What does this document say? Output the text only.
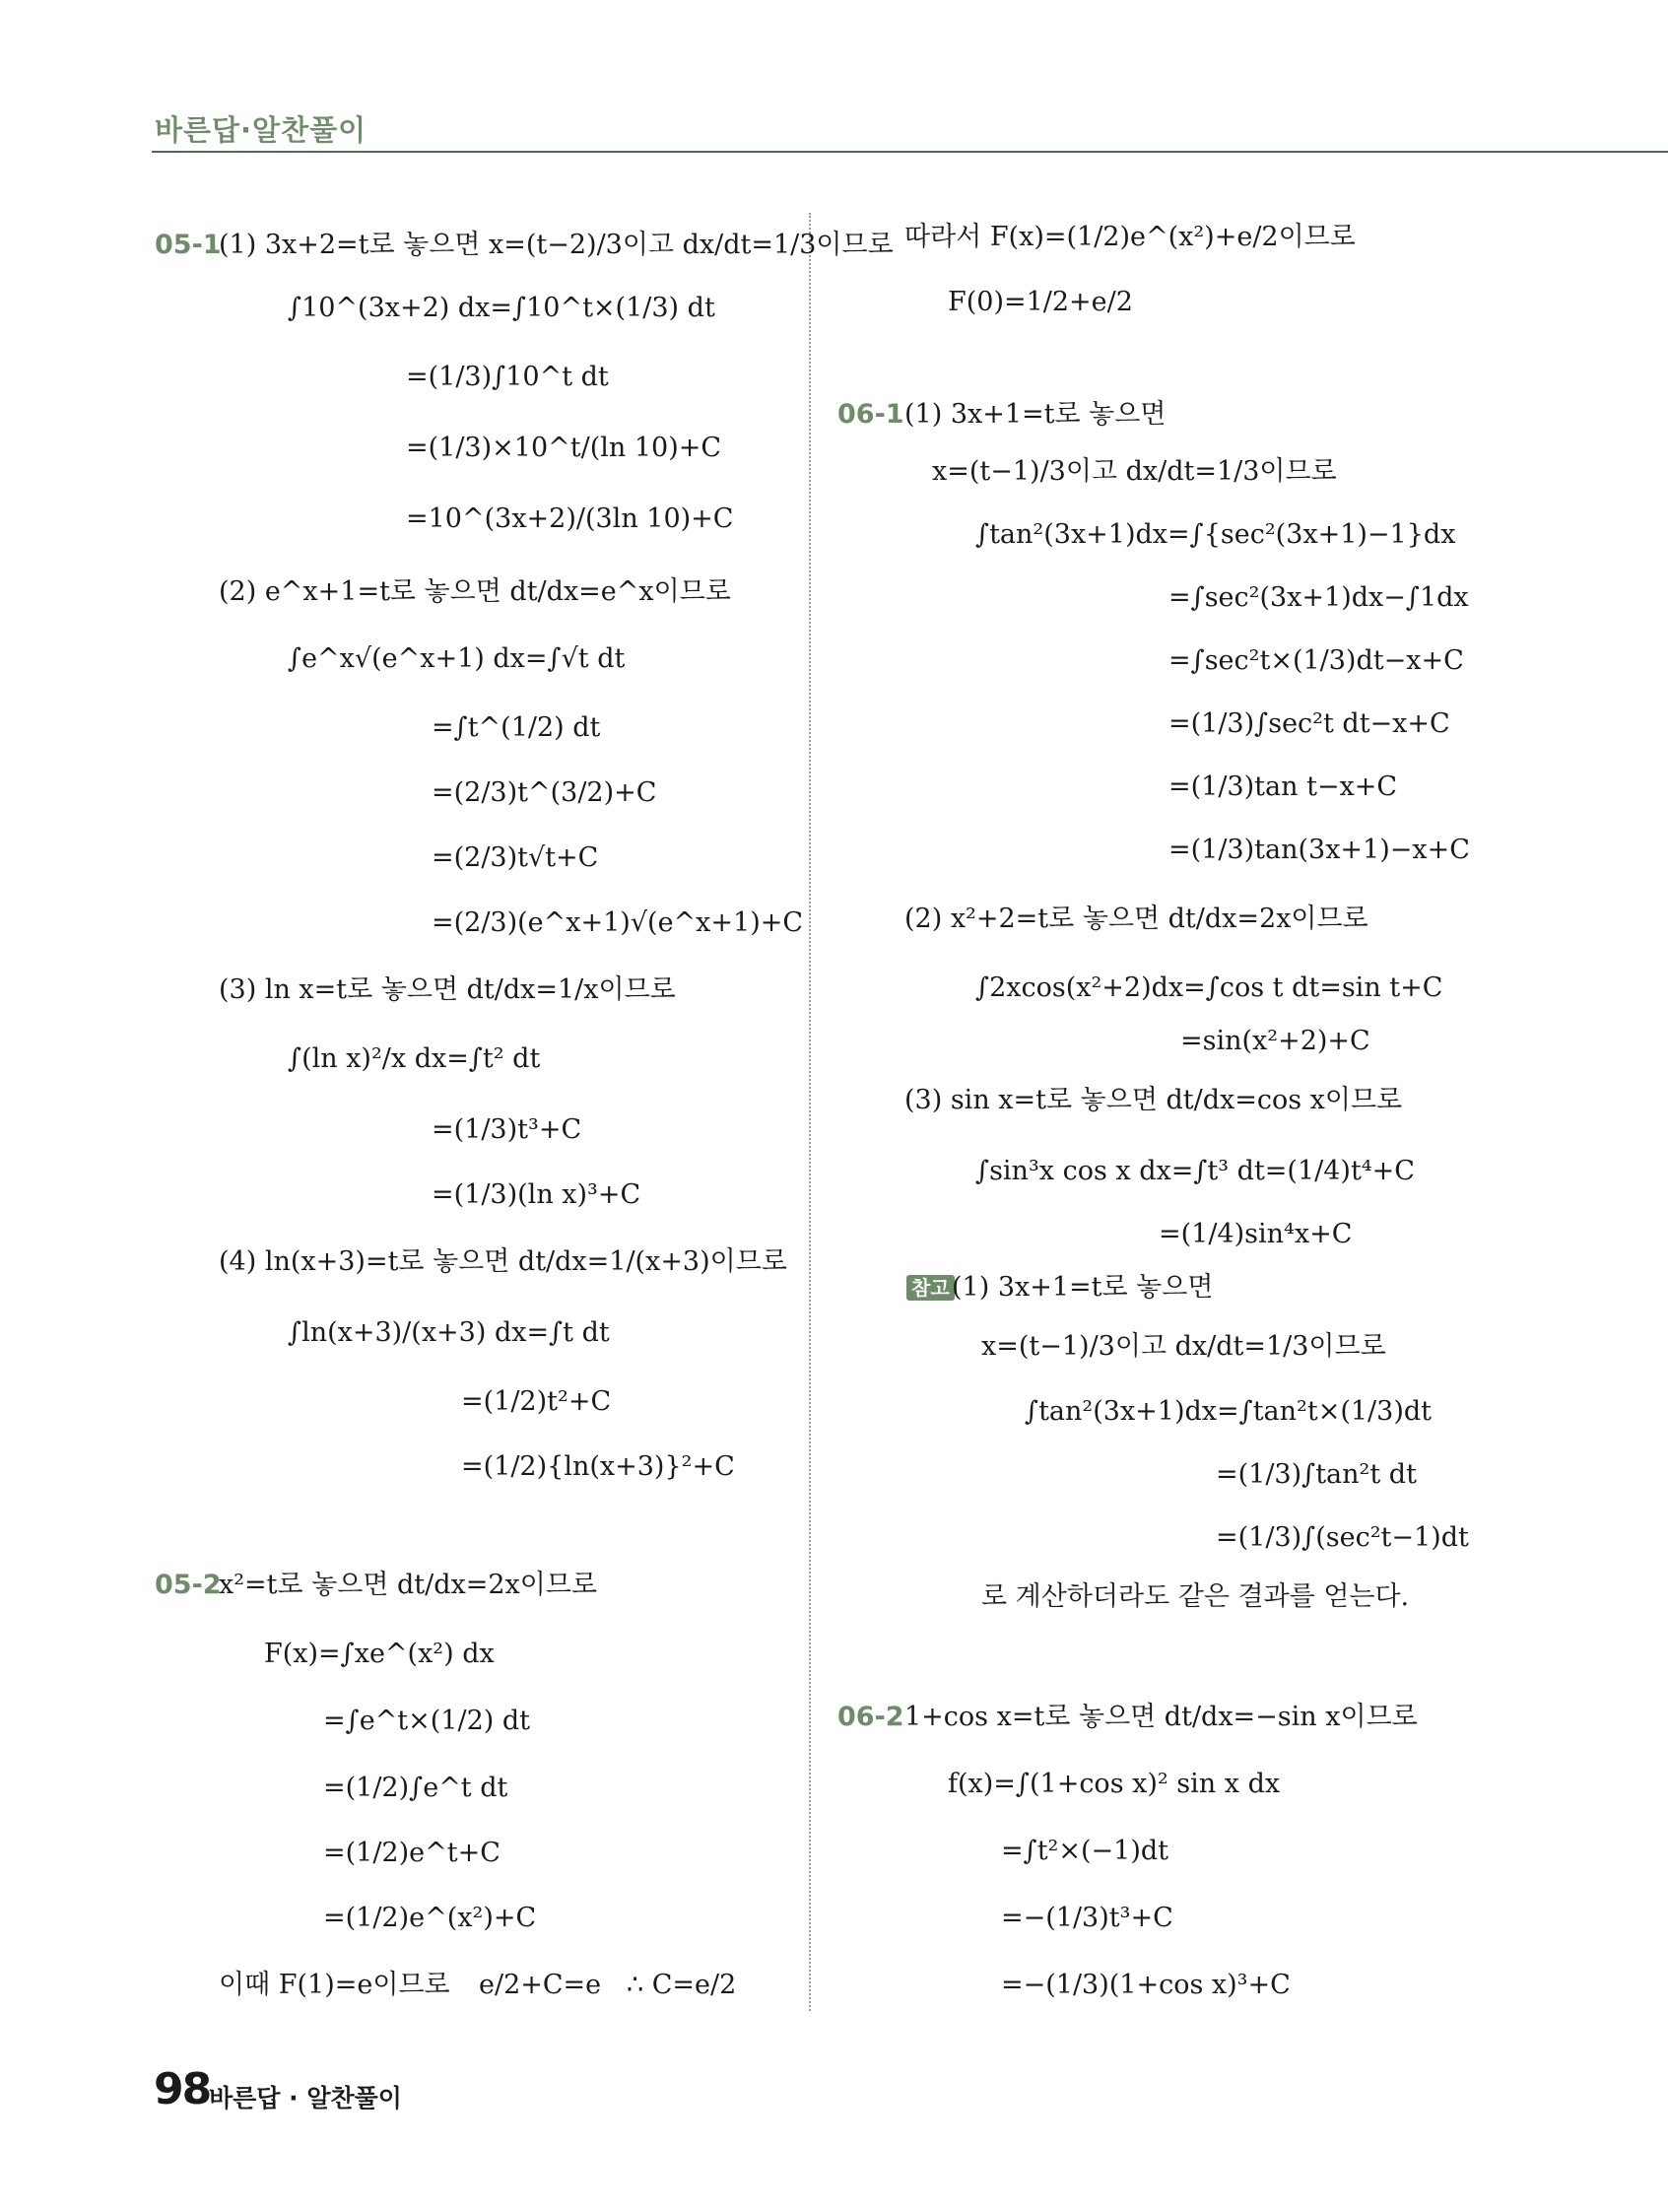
바른답·알찬풀이
05-1
(1) 3x+2=t로 놓으면 x=(t−2)/3이고 dx/dt=1/3이므로
∫10^(3x+2) dx=∫10^t×(1/3) dt
=(1/3)∫10^t dt
=(1/3)×10^t/(ln 10)+C
=10^(3x+2)/(3ln 10)+C
(2) e^x+1=t로 놓으면 dt/dx=e^x이므로
∫e^x√(e^x+1) dx=∫√t dt
=∫t^(1/2) dt
=(2/3)t^(3/2)+C
=(2/3)t√t+C
=(2/3)(e^x+1)√(e^x+1)+C
(3) ln x=t로 놓으면 dt/dx=1/x이므로
∫(ln x)²/x dx=∫t² dt
=(1/3)t³+C
=(1/3)(ln x)³+C
(4) ln(x+3)=t로 놓으면 dt/dx=1/(x+3)이므로
∫ln(x+3)/(x+3) dx=∫t dt
=(1/2)t²+C
=(1/2){ln(x+3)}²+C
05-2
x²=t로 놓으면 dt/dx=2x이므로
F(x)=∫xe^(x²) dx
=∫e^t×(1/2) dt
=(1/2)∫e^t dt
=(1/2)e^t+C
=(1/2)e^(x²)+C
이때 F(1)=e이므로 e/2+C=e ∴ C=e/2
따라서 F(x)=(1/2)e^(x²)+e/2이므로
F(0)=1/2+e/2
06-1 (1) 3x+1=t로 놓으면
x=(t−1)/3이고 dx/dt=1/3이므로
∫tan²(3x+1)dx=∫{sec²(3x+1)−1}dx
=∫sec²(3x+1)dx−∫1dx
=∫sec²t×(1/3)dt−x+C
=(1/3)∫sec²t dt−x+C
=(1/3)tan t−x+C
=(1/3)tan(3x+1)−x+C
(2) x²+2=t로 놓으면 dt/dx=2x이므로
∫2xcos(x²+2)dx=∫cos t dt=sin t+C
=sin(x²+2)+C
(3) sin x=t로 놓으면 dt/dx=cos x이므로
∫sin³x cos x dx=∫t³ dt=(1/4)t⁴+C
=(1/4)sin⁴x+C
참고 (1) 3x+1=t로 놓으면
x=(t−1)/3이고 dx/dt=1/3이므로
∫tan²(3x+1)dx=∫tan²t×(1/3)dt
=(1/3)∫tan²t dt
=(1/3)∫(sec²t−1)dt
로 계산하더라도 같은 결과를 얻는다.
06-2 1+cos x=t로 놓으면 dt/dx=−sin x이므로
f(x)=∫(1+cos x)² sin x dx
=∫t²×(−1)dt
=−(1/3)t³+C
=−(1/3)(1+cos x)³+C
98
바른답 · 알찬풀이
